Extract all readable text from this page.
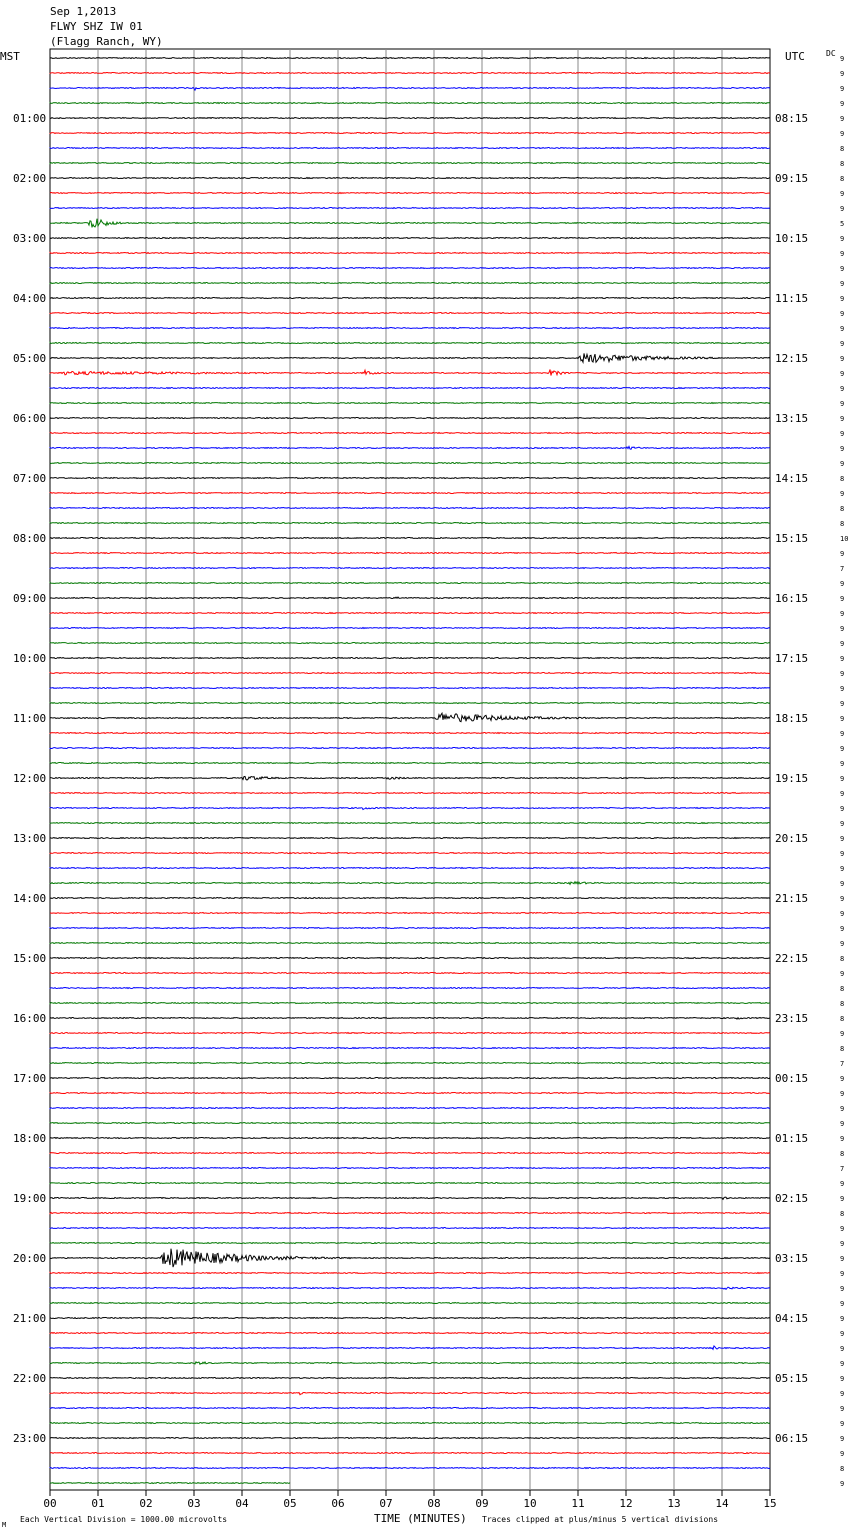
Sep 1,2013
FLWY SHZ IW 01
(Flagg Ranch, WY)
MST	UTC	DC
00	01	02	03	04	05	06	07	08	09	10	11	12	13	14	15
9
9
9
9
9
9
8
8
8
9
9
5
9
9
9
9
9
9
9
9
9
9
9
9
9
9
9
9
8
9
8
8
10
9
7
9
9
9
9
9
9
9
9
9
9
9
9
9
9
9
9
9
9
9
9
9
9
9
9
9
8
9
8
8
8
9
8
7
9
9
9
9
9
8
7
9
9
8
9
9
9
9
9
9
9
9
9
9
9
9
9
9
9
9
8
9
01:00
02:00
03:00
04:00
05:00
06:00
07:00
08:00
09:00
10:00
11:00
12:00
13:00
14:00
15:00
16:00
17:00
18:00
19:00
20:00
21:00
22:00
23:00
08:15
09:15
10:15
11:15
12:15
13:15
14:15
15:15
16:15
17:15
18:15
19:15
20:15
21:15
22:15
23:15
00:15
01:15
02:15
03:15
04:15
05:15
06:15
M
Each Vertical Division = 1000.00 microvolts	TIME (MINUTES) Traces clipped at plus/minus 5 vertical divisions
